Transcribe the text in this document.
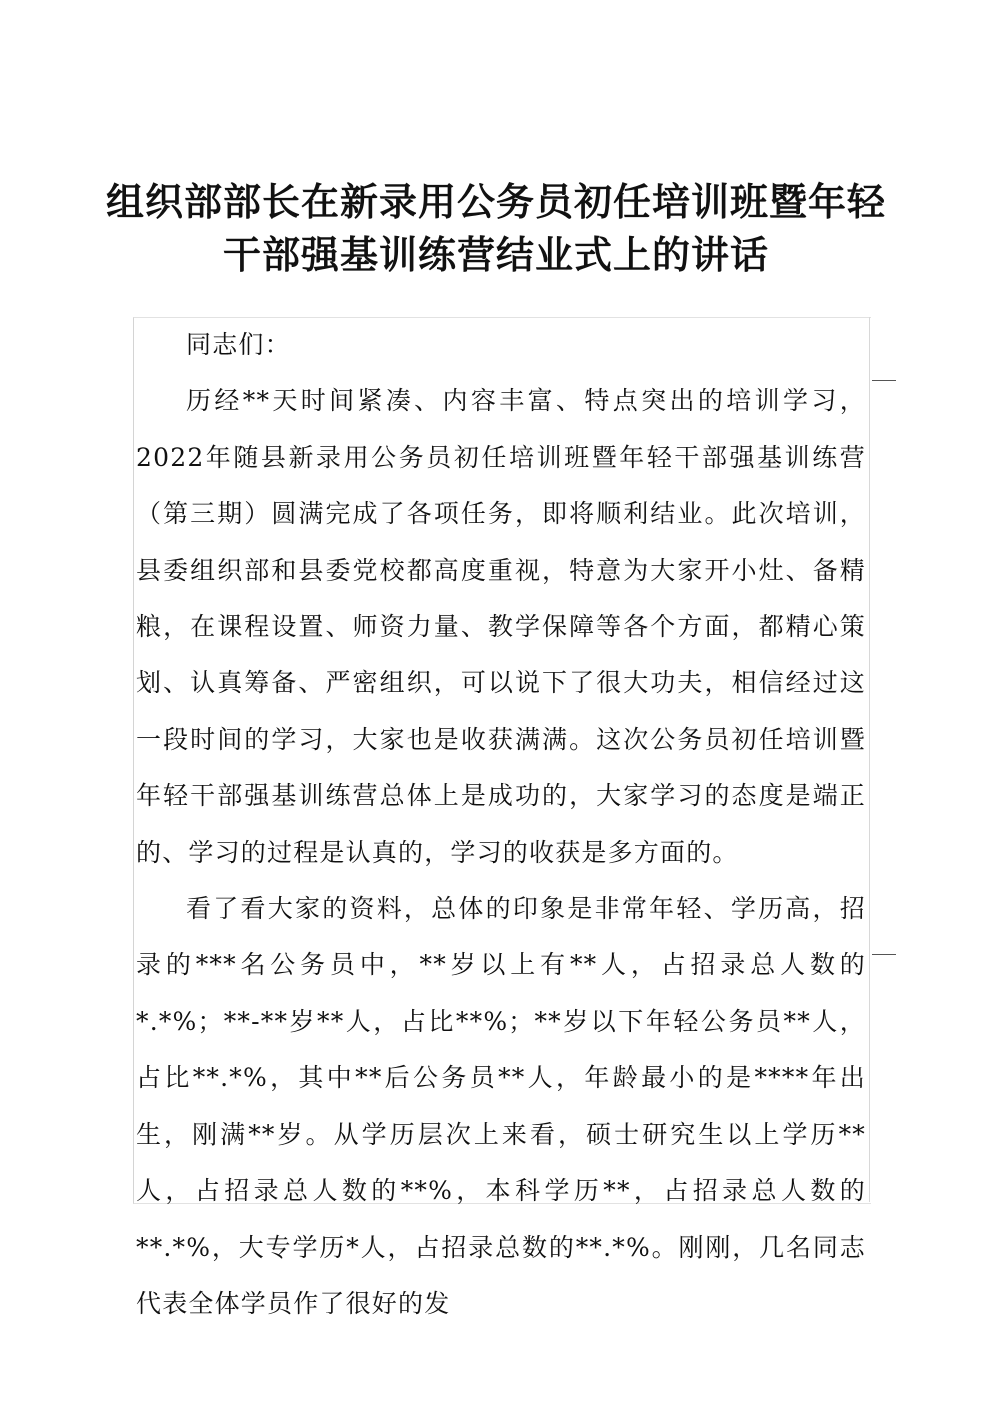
组织部部长在新录用公务员初任培训班暨年轻
干部强基训练营结业式上的讲话

同志们：

历经**天时间紧凑、内容丰富、特点突出的培训学习，2022年随县新录用公务员初任培训班暨年轻干部强基训练营（第三期）圆满完成了各项任务，即将顺利结业。此次培训，县委组织部和县委党校都高度重视，特意为大家开小灶、备精粮，在课程设置、师资力量、教学保障等各个方面，都精心策划、认真筹备、严密组织，可以说下了很大功夫，相信经过这一段时间的学习，大家也是收获满满。这次公务员初任培训暨年轻干部强基训练营总体上是成功的，大家学习的态度是端正的、学习的过程是认真的，学习的收获是多方面的。

看了看大家的资料，总体的印象是非常年轻、学历高，招录的***名公务员中，**岁以上有**人，占招录总人数的*.*%；**-**岁**人，占比**%；**岁以下年轻公务员**人，占比**.*%，其中**后公务员**人，年龄最小的是****年出生，刚满**岁。从学历层次上来看，硕士研究生以上学历**人，占招录总人数的**%，本科学历**，占招录总人数的**.*%，大专学历*人，占招录总数的**.*%。刚刚，几名同志代表全体学员作了很好的发
